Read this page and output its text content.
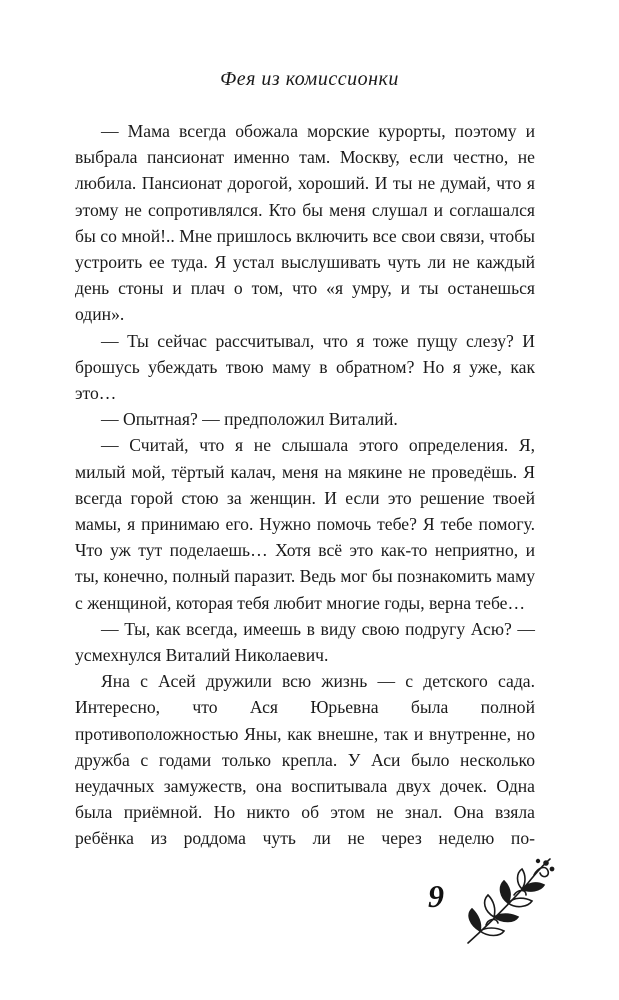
Фея из комиссионки

— Мама всегда обожала морские курорты, поэтому и выбрала пансионат именно там. Москву, если честно, не любила. Пансионат дорогой, хороший. И ты не думай, что я этому не сопротивлялся. Кто бы меня слушал и соглашался бы со мной!.. Мне пришлось включить все свои связи, чтобы устроить ее туда. Я устал выслушивать чуть ли не каждый день стоны и плач о том, что «я умру, и ты останешься один».

— Ты сейчас рассчитывал, что я тоже пущу слезу? И брошусь убеждать твою маму в обратном? Но я уже, как это…

— Опытная? — предположил Виталий.

— Считай, что я не слышала этого определения. Я, милый мой, тёртый калач, меня на мякине не проведёшь. Я всегда горой стою за женщин. И если это решение твоей мамы, я принимаю его. Нужно помочь тебе? Я тебе помогу. Что уж тут поделаешь… Хотя всё это как-то неприятно, и ты, конечно, полный паразит. Ведь мог бы познакомить маму с женщиной, которая тебя любит многие годы, верна тебе…

— Ты, как всегда, имеешь в виду свою подругу Асю? — усмехнулся Виталий Николаевич.

Яна с Асей дружили всю жизнь — с детского сада. Интересно, что Ася Юрьевна была полной противоположностью Яны, как внешне, так и внутренне, но дружба с годами только крепла. У Аси было несколько неудачных замужеств, она воспитывала двух дочек. Одна была приёмной. Но никто об этом не знал. Она взяла ребёнка из роддома чуть ли не через неделю по-

9
